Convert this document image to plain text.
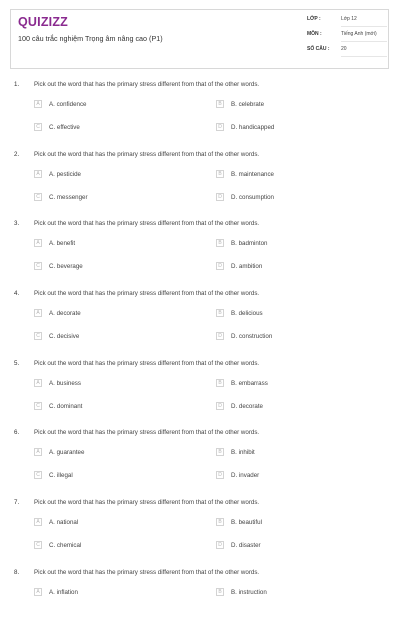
QUIZIZZ
100 câu trắc nghiệm Trọng âm nâng cao (P1)
LỚP :	Lớp 12
MÔN :	Tiếng Anh (mới)
SỐ CÂU : 20
1. Pick out the word that has the primary stress different from that of the other words.
A	A. confidence	B	B. celebrate
C	C. effective	D	D. handicapped
2. Pick out the word that has the primary stress different from that of the other words.
A	A. pesticide	B	B. maintenance
C	C. messenger	D	D. consumption
3. Pick out the word that has the primary stress different from that of the other words.
A	A. benefit	B	B. badminton
C	C. beverage	D	D. ambition
4. Pick out the word that has the primary stress different from that of the other words.
A	A. decorate	B	B. delicious
C	C. decisive	D	D. construction
5. Pick out the word that has the primary stress different from that of the other words.
A	A. business	B	B. embarrass
C	C. dominant	D	D. decorate
6. Pick out the word that has the primary stress different from that of the other words.
A	A. guarantee	B	B. inhibit
C	C. illegal	D	D. invader
7. Pick out the word that has the primary stress different from that of the other words.
A	A. national	B	B. beautiful
C	C. chemical	D	D. disaster
8. Pick out the word that has the primary stress different from that of the other words.
A	A. inflation	B	B. instruction
